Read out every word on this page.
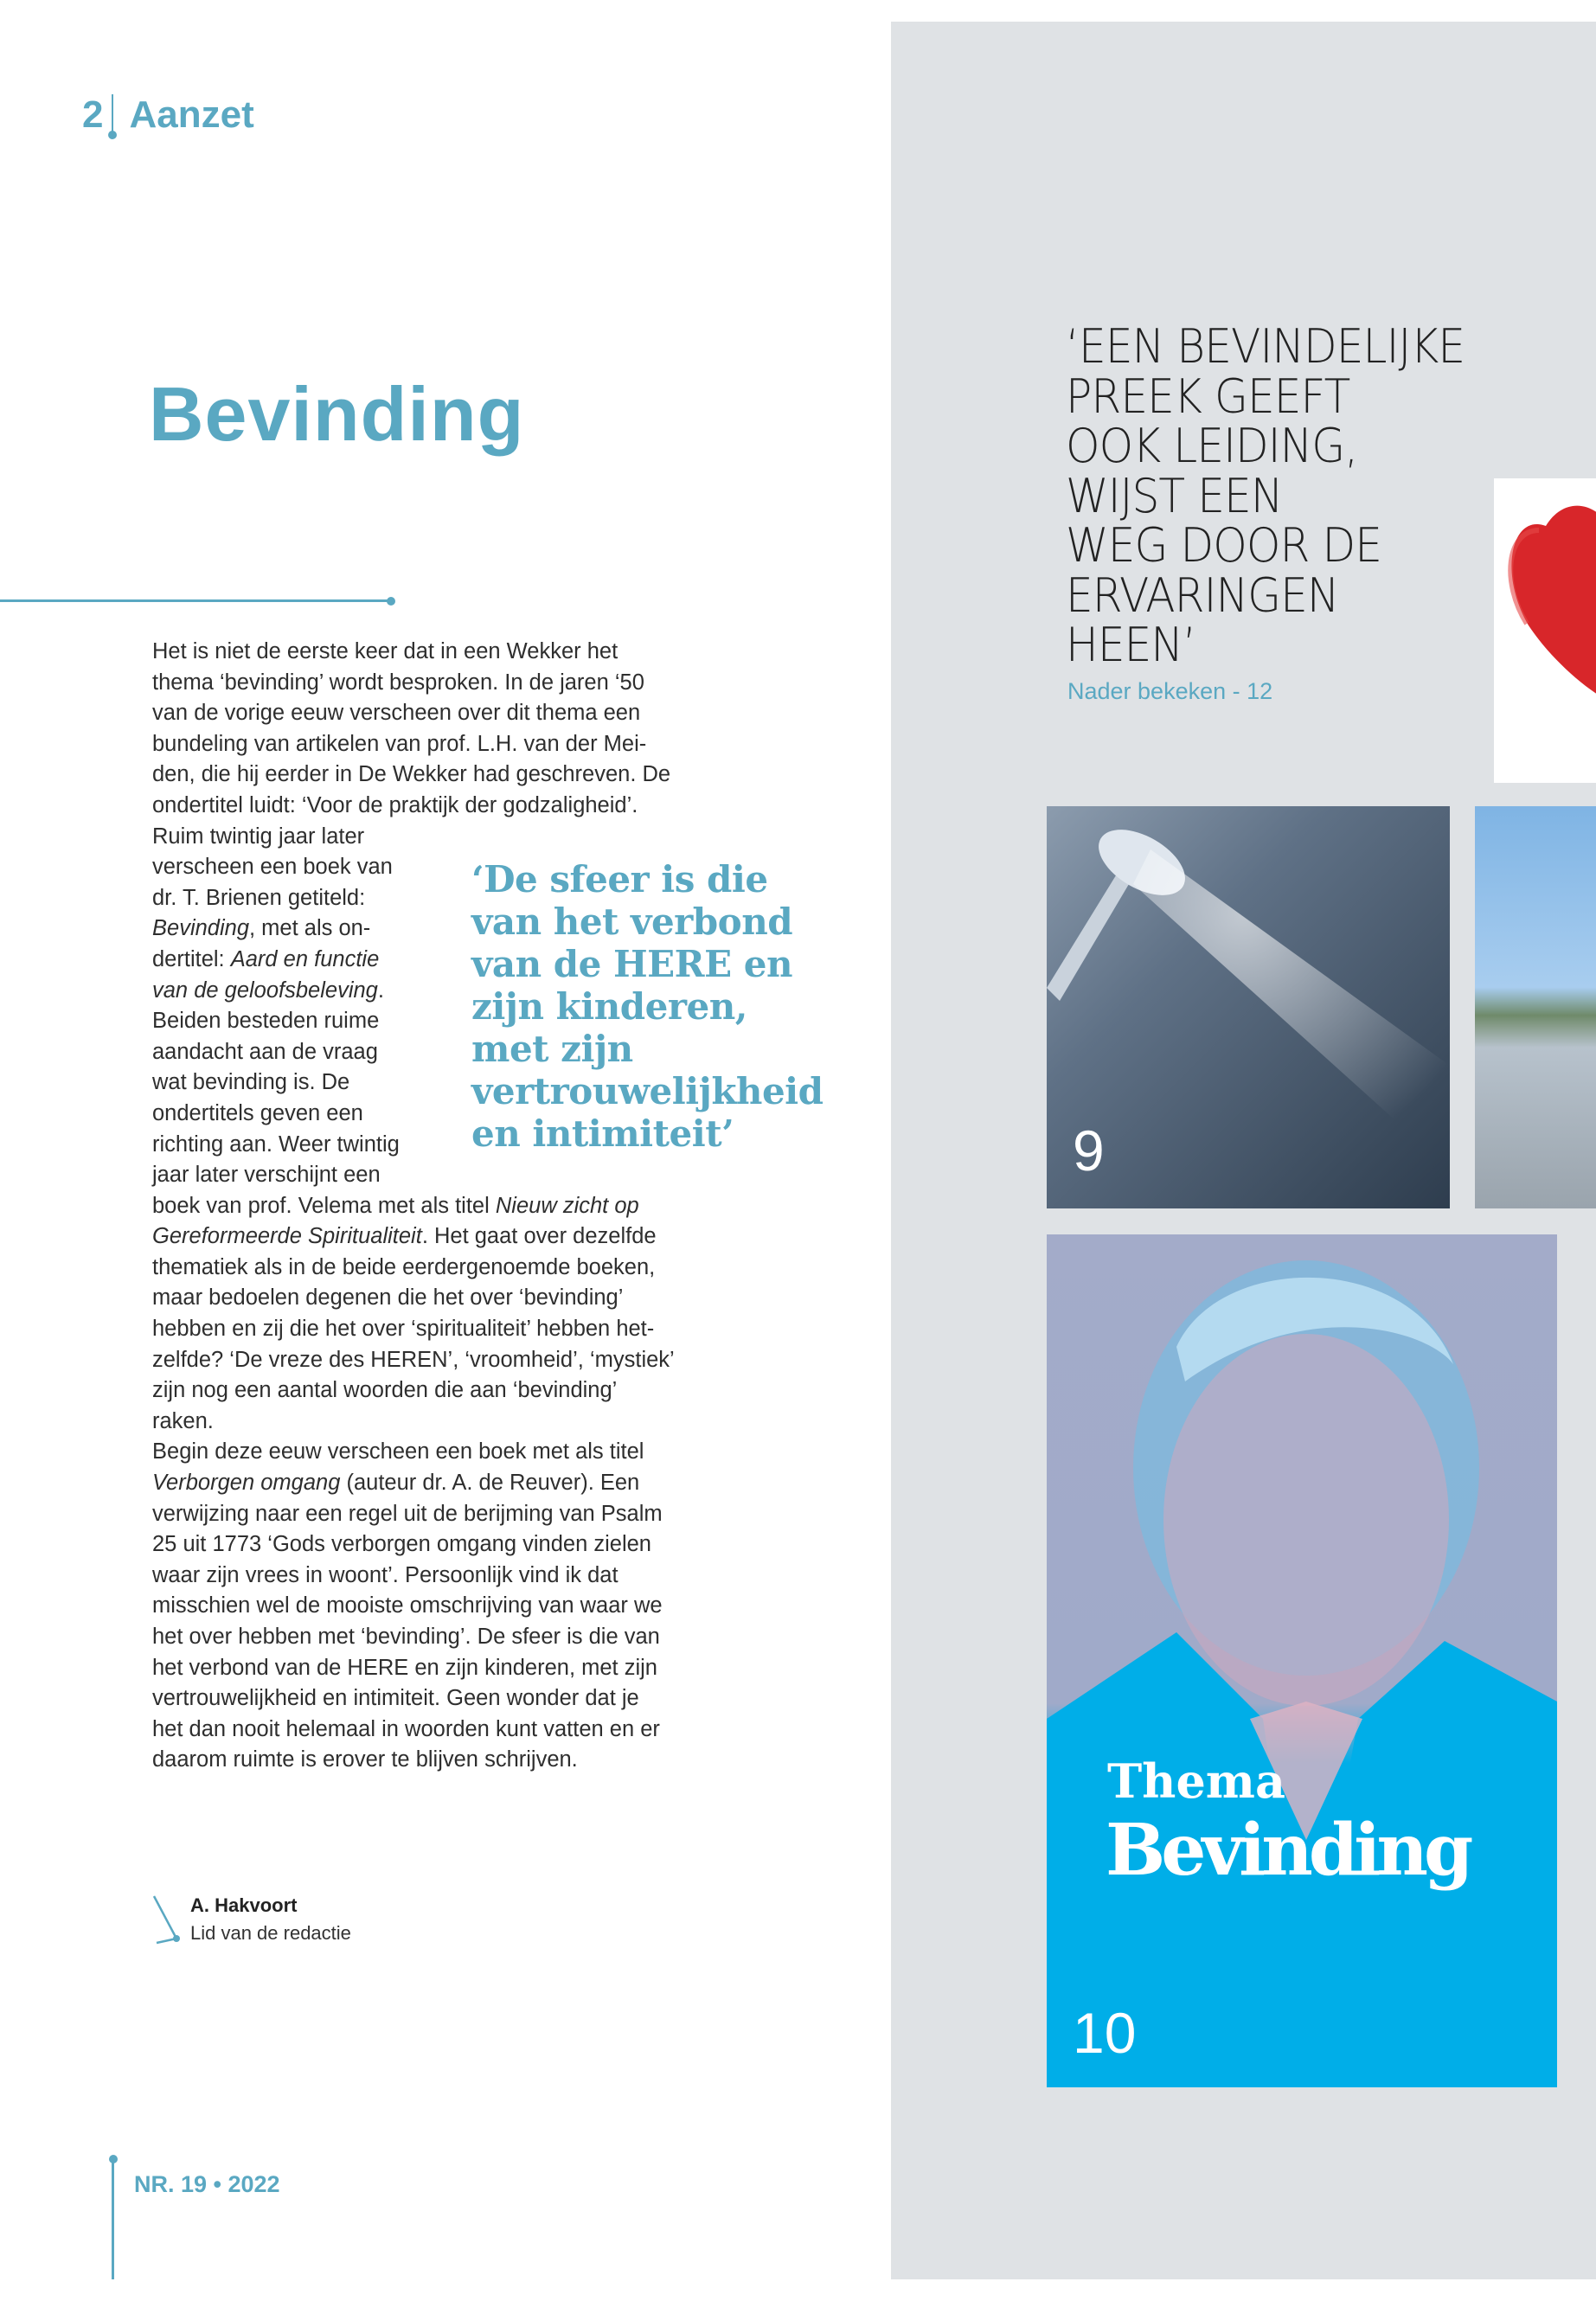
2 Aanzet
Bevinding
Het is niet de eerste keer dat in een Wekker het
thema ‘bevinding’ wordt besproken. In de jaren ‘50
van de vorige eeuw verscheen over dit thema een
bundeling van artikelen van prof. L.H. van der Mei-
den, die hij eerder in De Wekker had geschreven. De
ondertitel luidt: ‘Voor de praktijk der godzaligheid’.
Ruim twintig jaar later
verscheen een boek van
dr. T. Brienen getiteld:
Bevinding, met als on-
dertitel: Aard en functie
van de geloofsbeleving.
Beiden besteden ruime
aandacht aan de vraag
wat bevinding is. De
ondertitels geven een
richting aan. Weer twintig
jaar later verschijnt een
boek van prof. Velema met als titel Nieuw zicht op
Gereformeerde Spiritualiteit. Het gaat over dezelfde
thematiek als in de beide eerdergenoemde boeken,
maar bedoelen degenen die het over ‘bevinding’
hebben en zij die het over ‘spiritualiteit’ hebben het-
zelfde? ‘De vreze des HEREN’, ‘vroomheid’, ‘mystiek’
zijn nog een aantal woorden die aan ‘bevinding’
raken.
Begin deze eeuw verscheen een boek met als titel
Verborgen omgang (auteur dr. A. de Reuver). Een
verwijzing naar een regel uit de berijming van Psalm
25 uit 1773 ‘Gods verborgen omgang vinden zielen
waar zijn vrees in woont’. Persoonlijk vind ik dat
misschien wel de mooiste omschrijving van waar we
het over hebben met ‘bevinding’. De sfeer is die van
het verbond van de HERE en zijn kinderen, met zijn
vertrouwelijkheid en intimiteit. Geen wonder dat je
het dan nooit helemaal in woorden kunt vatten en er
daarom ruimte is erover te blijven schrijven.
‘De sfeer is die
van het verbond
van de HERE en
zijn kinderen,
met zijn
vertrouwelijkheid
en intimiteit’
A. Hakvoort
Lid van de redactie
NR. 19 • 2022
‘EEN BEVINDELIJKE
PREEK GEEFT
OOK LEIDING,
WIJST EEN
WEG DOOR DE
ERVARINGEN
HEEN’
Nader bekeken - 12
9
Thema
Bevinding
10
